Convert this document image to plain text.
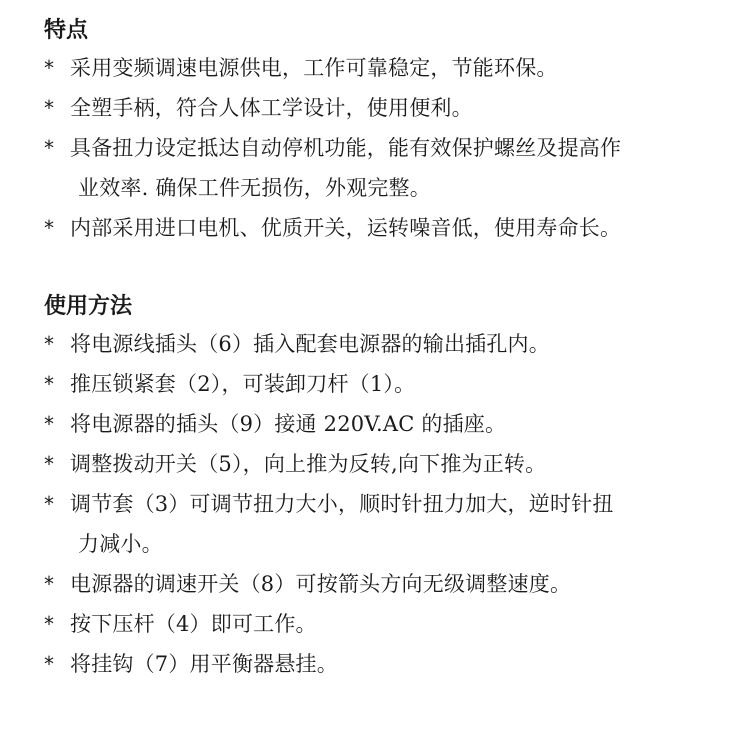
特点
* 采用变频调速电源供电，工作可靠稳定，节能环保。
* 全塑手柄，符合人体工学设计，使用便利。
* 具备扭力设定抵达自动停机功能，能有效保护螺丝及提高作
业效率. 确保工件无损伤，外观完整。
* 内部采用进口电机、优质开关，运转噪音低，使用寿命长。
使用方法
* 将电源线插头（6）插入配套电源器的输出插孔内。
* 推压锁紧套（2），可装卸刀杆（1）。
* 将电源器的插头（9）接通 220V.AC 的插座。
* 调整拨动开关（5），向上推为反转,向下推为正转。
* 调节套（3）可调节扭力大小，顺时针扭力加大，逆时针扭
力减小。
* 电源器的调速开关（8）可按箭头方向无级调整速度。
* 按下压杆（4）即可工作。
* 将挂钩（7）用平衡器悬挂。
